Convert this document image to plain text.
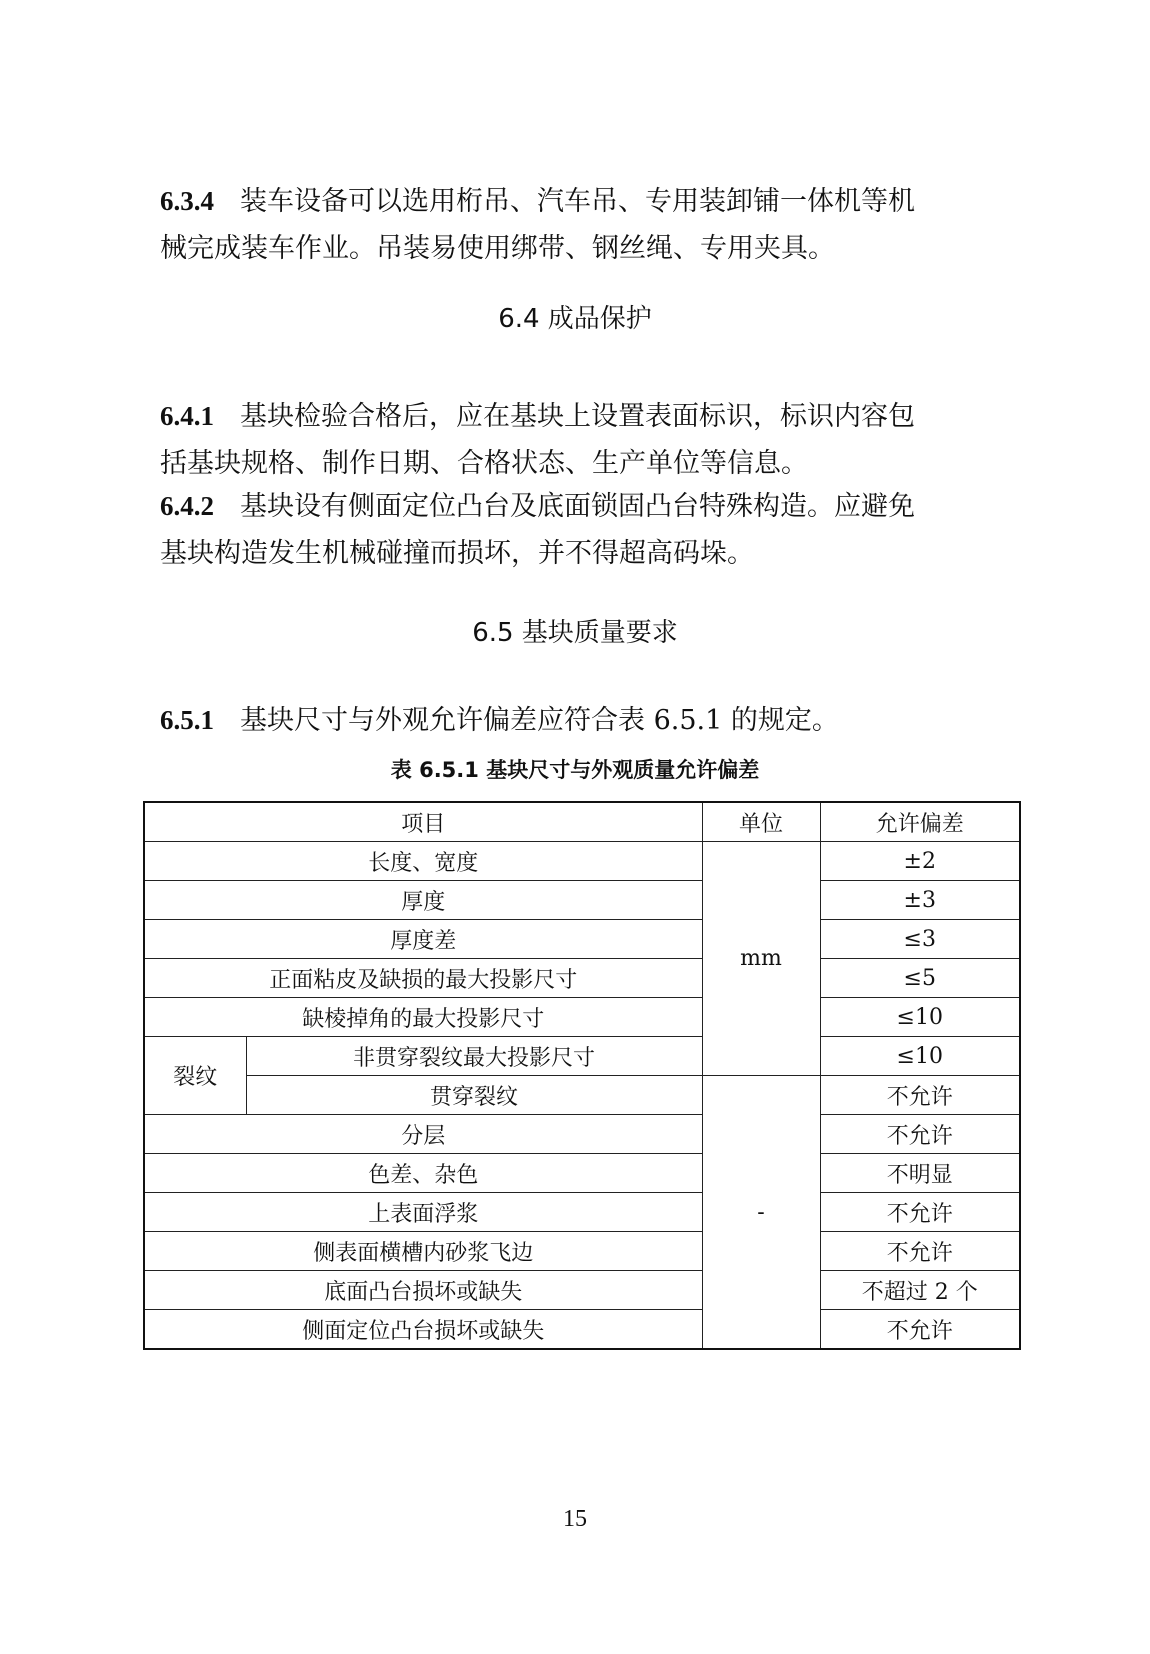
6.3.4 装车设备可以选用桁吊、汽车吊、专用装卸铺一体机等机
械完成装车作业。吊装易使用绑带、钢丝绳、专用夹具。
6.4 成品保护
6.4.1 基块检验合格后，应在基块上设置表面标识，标识内容包
括基块规格、制作日期、合格状态、生产单位等信息。
6.4.2 基块设有侧面定位凸台及底面锁固凸台特殊构造。应避免
基块构造发生机械碰撞而损坏，并不得超高码垛。
6.5 基块质量要求
6.5.1 基块尺寸与外观允许偏差应符合表 6.5.1 的规定。
表 6.5.1 基块尺寸与外观质量允许偏差
项目		单位	允许偏差
长度、宽度		mm	±2
厚度			±3
厚度差			≤3
正面粘皮及缺损的最大投影尺寸			≤5
缺棱掉角的最大投影尺寸			≤10
裂纹	非贯穿裂纹最大投影尺寸		≤10
	贯穿裂纹	-	不允许
分层			不允许
色差、杂色			不明显
上表面浮浆			不允许
侧表面横槽内砂浆飞边			不允许
底面凸台损坏或缺失			不超过 2 个
侧面定位凸台损坏或缺失			不允许
15
